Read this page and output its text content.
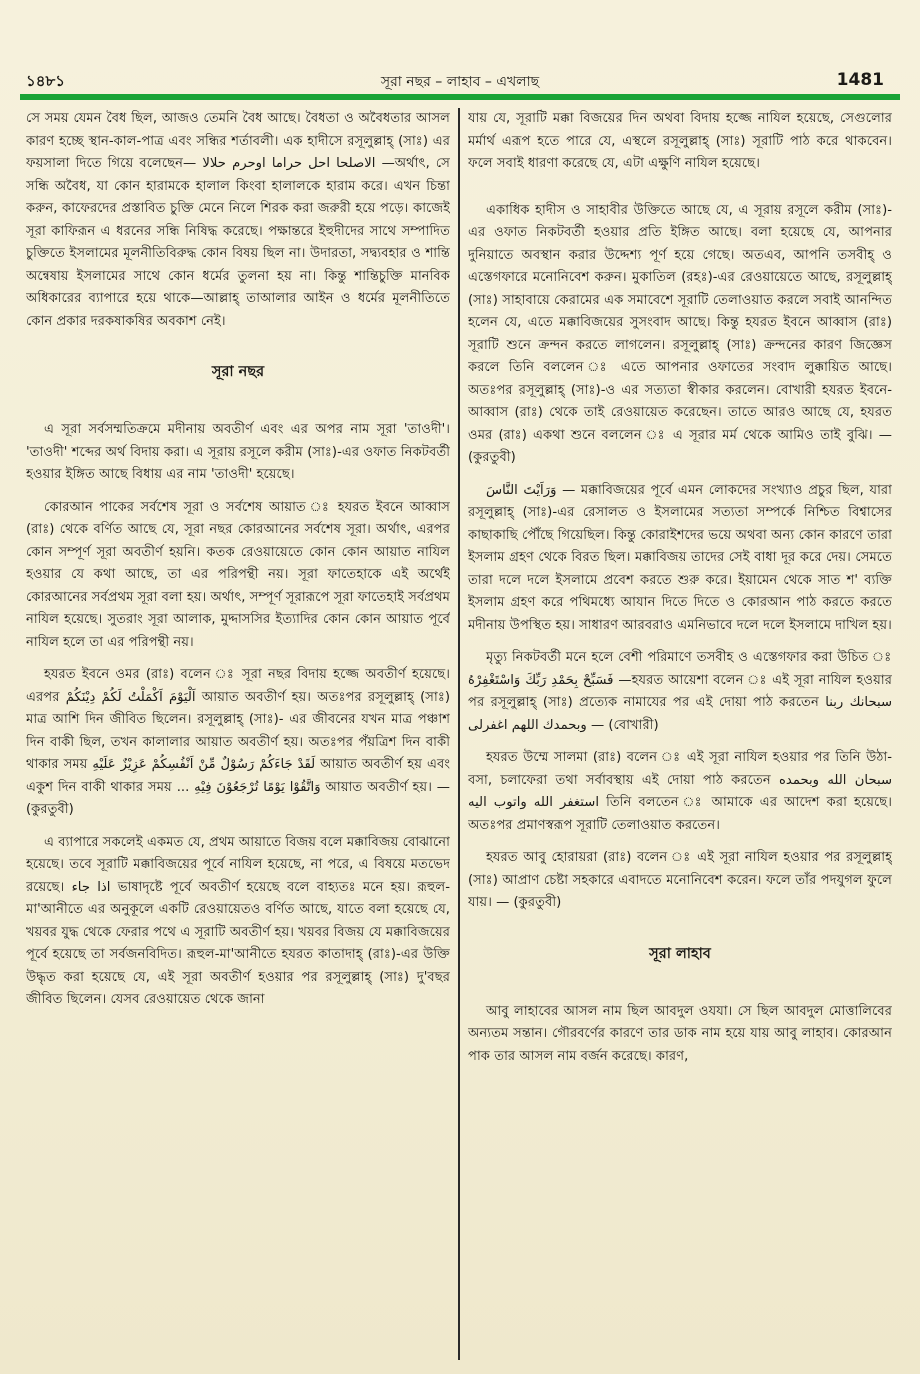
১৪৮১	সূরা নছর – লাহাব – এখলাছ	1481

সে সময় যেমন বৈধ ছিল, আজও তেমনি বৈধ আছে। বৈধতা ও অবৈধতার আসল কারণ হচ্ছে স্থান-কাল-পাত্র এবং সন্ধির শর্তাবলী। এক হাদীসে রসূলুল্লাহ্ (সাঃ) এর ফয়সালা দিতে গিয়ে বলেছেন— الاصلحا احل حراما اوحرم حلالا —অর্থাৎ, সে সন্ধি অবৈধ, যা কোন হারামকে হালাল কিংবা হালালকে হারাম করে। এখন চিন্তা করুন, কাফেরদের প্রস্তাবিত চুক্তি মেনে নিলে শিরক করা জরুরী হয়ে পড়ে। কাজেই সূরা কাফিরূন এ ধরনের সন্ধি নিষিদ্ধ করেছে। পক্ষান্তরে ইহুদীদের সাথে সম্পাদিত চুক্তিতে ইসলামের মূলনীতিবিরুদ্ধ কোন বিষয় ছিল না। উদারতা, সদ্ব্যবহার ও শান্তি অন্বেষায় ইসলামের সাথে কোন ধর্মের তুলনা হয় না। কিন্তু শান্তিচুক্তি মানবিক অধিকারের ব্যাপারে হয়ে থাকে—আল্লাহ্ তাআলার আইন ও ধর্মের মূলনীতিতে কোন প্রকার দরকষাকষির অবকাশ নেই।

সূরা নছর

এ সূরা সর্বসম্মতিক্রমে মদীনায় অবতীর্ণ এবং এর অপর নাম সূরা 'তাওদী'। 'তাওদী' শব্দের অর্থ বিদায় করা। এ সূরায় রসূলে করীম (সাঃ)-এর ওফাত নিকটবর্তী হওয়ার ইঙ্গিত আছে বিধায় এর নাম 'তাওদী' হয়েছে।

কোরআন পাকের সর্বশেষ সূরা ও সর্বশেষ আয়াত ঃ হযরত ইবনে আব্বাস (রাঃ) থেকে বর্ণিত আছে যে, সূরা নছর কোরআনের সর্বশেষ সূরা। অর্থাৎ, এরপর কোন সম্পূর্ণ সূরা অবতীর্ণ হয়নি। কতক রেওয়ায়েতে কোন কোন আয়াত নাযিল হওয়ার যে কথা আছে, তা এর পরিপন্থী নয়। সূরা ফাতেহাকে এই অর্থেই কোরআনের সর্বপ্রথম সূরা বলা হয়। অর্থাৎ, সম্পূর্ণ সূরারূপে সূরা ফাতেহাই সর্বপ্রথম নাযিল হয়েছে। সুতরাং সূরা আলাক, মুদ্দাসসির ইত্যাদির কোন কোন আয়াত পূর্বে নাযিল হলে তা এর পরিপন্থী নয়।

হযরত ইবনে ওমর (রাঃ) বলেন ঃ সূরা নছর বিদায় হজ্জে অবতীর্ণ হয়েছে। এরপর اَلْيَوْمَ اَكْمَلْتُ لَكُمْ دِيْنَكُمْ আয়াত অবতীর্ণ হয়। অতঃপর রসূলুল্লাহ্ (সাঃ) মাত্র আশি দিন জীবিত ছিলেন। রসূলুল্লাহ্ (সাঃ)- এর জীবনের যখন মাত্র পঞ্চাশ দিন বাকী ছিল, তখন কালালার আয়াত অবতীর্ণ হয়। অতঃপর পঁয়ত্রিশ দিন বাকী থাকার সময় لَقَدْ جَاءَكُمْ رَسُوْلٌ مِّنْ اَنْفُسِكُمْ عَزِيْزٌ عَلَيْهِ আয়াত অবতীর্ণ হয় এবং একুশ দিন বাকী থাকার সময় ... وَاتَّقُوْا يَوْمًا تُرْجَعُوْنَ فِيْهِ আয়াত অবতীর্ণ হয়। —(কুরতুবী)

এ ব্যাপারে সকলেই একমত যে, প্রথম আয়াতে বিজয় বলে মক্কাবিজয় বোঝানো হয়েছে। তবে সূরাটি মক্কাবিজয়ের পূর্বে নাযিল হয়েছে, না পরে, এ বিষয়ে মতভেদ রয়েছে। اذا جاء ভাষাদৃষ্টে পূর্বে অবতীর্ণ হয়েছে বলে বাহ্যতঃ মনে হয়। রূহুল-মা'আনীতে এর অনুকূলে একটি রেওয়ায়েতও বর্ণিত আছে, যাতে বলা হয়েছে যে, খয়বর যুদ্ধ থেকে ফেরার পথে এ সূরাটি অবতীর্ণ হয়। খয়বর বিজয় যে মক্কাবিজয়ের পূর্বে হয়েছে তা সর্বজনবিদিত। রূহুল-মা'আনীতে হযরত কাতাদাহ্ (রাঃ)-এর উক্তি উদ্ধৃত করা হয়েছে যে, এই সূরা অবতীর্ণ হওয়ার পর রসূলুল্লাহ্ (সাঃ) দু'বছর জীবিত ছিলেন। যেসব রেওয়ায়েত থেকে জানা

যায় যে, সূরাটি মক্কা বিজয়ের দিন অথবা বিদায় হজ্জে নাযিল হয়েছে, সেগুলোর মর্মার্থ এরূপ হতে পারে যে, এস্থলে রসূলুল্লাহ্ (সাঃ) সূরাটি পাঠ করে থাকবেন। ফলে সবাই ধারণা করেছে যে, এটা এক্ষুণি নাযিল হয়েছে।

একাধিক হাদীস ও সাহাবীর উক্তিতে আছে যে, এ সূরায় রসূলে করীম (সাঃ)- এর ওফাত নিকটবর্তী হওয়ার প্রতি ইঙ্গিত আছে। বলা হয়েছে যে, আপনার দুনিয়াতে অবস্থান করার উদ্দেশ্য পূর্ণ হয়ে গেছে। অতএব, আপনি তসবীহ্ ও এস্তেগফারে মনোনিবেশ করুন। মুকাতিল (রহঃ)-এর রেওয়ায়েতে আছে, রসূলুল্লাহ্ (সাঃ) সাহাবায়ে কেরামের এক সমাবেশে সূরাটি তেলাওয়াত করলে সবাই আনন্দিত হলেন যে, এতে মক্কাবিজয়ের সুসংবাদ আছে। কিন্তু হযরত ইবনে আব্বাস (রাঃ) সূরাটি শুনে ক্রন্দন করতে লাগলেন। রসূলুল্লাহ্ (সাঃ) ক্রন্দনের কারণ জিজ্ঞেস করলে তিনি বললেন ঃ এতে আপনার ওফাতের সংবাদ লুক্কায়িত আছে। অতঃপর রসূলুল্লাহ্ (সাঃ)-ও এর সত্যতা স্বীকার করলেন। বোখারী হযরত ইবনে-আব্বাস (রাঃ) থেকে তাই রেওয়ায়েত করেছেন। তাতে আরও আছে যে, হযরত ওমর (রাঃ) একথা শুনে বললেন ঃ এ সূরার মর্ম থেকে আমিও তাই বুঝি। — (কুরতুবী)

وَرَاَيْتَ النَّاسَ — মক্কাবিজয়ের পূর্বে এমন লোকদের সংখ্যাও প্রচুর ছিল, যারা রসূলুল্লাহ্ (সাঃ)-এর রেসালত ও ইসলামের সত্যতা সম্পর্কে নিশ্চিত বিশ্বাসের কাছাকাছি পৌঁছে গিয়েছিল। কিন্তু কোরাইশদের ভয়ে অথবা অন্য কোন কারণে তারা ইসলাম গ্রহণ থেকে বিরত ছিল। মক্কাবিজয় তাদের সেই বাধা দূর করে দেয়। সেমতে তারা দলে দলে ইসলামে প্রবেশ করতে শুরু করে। ইয়ামেন থেকে সাত শ' ব্যক্তি ইসলাম গ্রহণ করে পথিমধ্যে আযান দিতে দিতে ও কোরআন পাঠ করতে করতে মদীনায় উপস্থিত হয়। সাধারণ আরবরাও এমনিভাবে দলে দলে ইসলামে দাখিল হয়।

মৃত্যু নিকটবর্তী মনে হলে বেশী পরিমাণে তসবীহ ও এস্তেগফার করা উচিত ঃ فَسَبِّحْ بِحَمْدِ رَبِّكَ وَاسْتَغْفِرْهُ —হযরত আয়েশা বলেন ঃ এই সূরা নাযিল হওয়ার পর রসূলুল্লাহ্ (সাঃ) প্রত্যেক নামাযের পর এই দোয়া পাঠ করতেন سبحانك ربنا وبحمدك اللهم اغفرلى — (বোখারী)

হযরত উম্মে সালমা (রাঃ) বলেন ঃ এই সূরা নাযিল হওয়ার পর তিনি উঠা-বসা, চলাফেরা তথা সর্বাবস্থায় এই দোয়া পাঠ করতেন سبحان الله وبحمده استغفر الله واتوب اليه তিনি বলতেন ঃ আমাকে এর আদেশ করা হয়েছে। অতঃপর প্রমাণস্বরূপ সূরাটি তেলাওয়াত করতেন।

হযরত আবু হোরায়রা (রাঃ) বলেন ঃ এই সূরা নাযিল হওয়ার পর রসূলুল্লাহ্ (সাঃ) আপ্রাণ চেষ্টা সহকারে এবাদতে মনোনিবেশ করেন। ফলে তাঁর পদযুগল ফুলে যায়। — (কুরতুবী)

সূরা লাহাব

আবু লাহাবের আসল নাম ছিল আবদুল ওযযা। সে ছিল আবদুল মোত্তালিবের অন্যতম সন্তান। গৌরবর্ণের কারণে তার ডাক নাম হয়ে যায় আবু লাহাব। কোরআন পাক তার আসল নাম বর্জন করেছে। কারণ,
